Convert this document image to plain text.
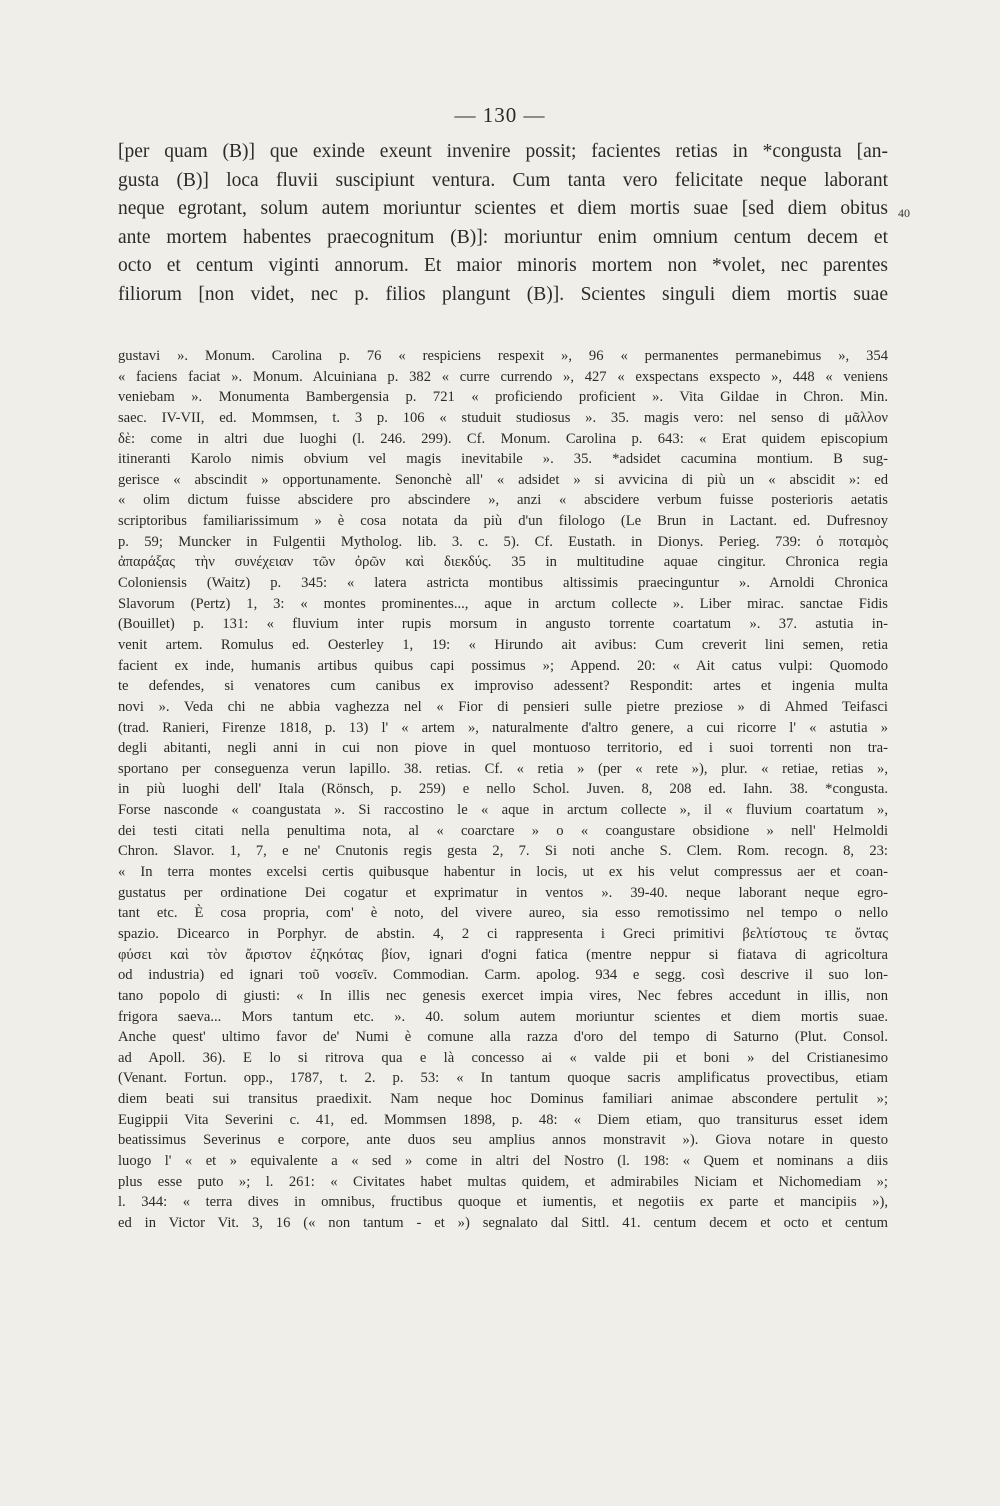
— 130 —
[per quam (B)] que exinde exeunt invenire possit; facientes retias in *congusta [an-
gusta (B)] loca fluvii suscipiunt ventura. Cum tanta vero felicitate neque laborant
neque egrotant, solum autem moriuntur scientes et diem mortis suae [sed diem obitus
ante mortem habentes praecognitum (B)]: moriuntur enim omnium centum decem et
octo et centum viginti annorum. Et maior minoris mortem non *volet, nec parentes
filiorum [non videt, nec p. filios plangunt (B)]. Scientes singuli diem mortis suae
40
gustavi ». Monum. Carolina p. 76 « respiciens respexit », 96 « permanentes permanebimus », 354
« faciens faciat ». Monum. Alcuiniana p. 382 « curre currendo », 427 « exspectans exspecto », 448 « veniens
veniebam ». Monumenta Bambergensia p. 721 « proficiendo proficient ». Vita Gildae in Chron. Min.
saec. IV-VII, ed. Mommsen, t. 3 p. 106 « studuit studiosus ». 35. magis vero: nel senso di μᾶλλον
δὲ: come in altri due luoghi (l. 246. 299). Cf. Monum. Carolina p. 643: « Erat quidem episcopium
itineranti Karolo nimis obvium vel magis inevitabile ». 35. *adsidet cacumina montium. B sug-
gerisce « abscindit » opportunamente. Senonchè all' « adsidet » si avvicina di più un « abscidit »: ed
« olim dictum fuisse abscidere pro abscindere », anzi « abscidere verbum fuisse posterioris aetatis
scriptoribus familiarissimum » è cosa notata da più d'un filologo (Le Brun in Lactant. ed. Dufresnoy
p. 59; Muncker in Fulgentii Mytholog. lib. 3. c. 5). Cf. Eustath. in Dionys. Perieg. 739: ὁ ποταμὸς
ἀπαράξας τὴν συνέχειαν τῶν ὀρῶν καὶ διεκδύς. 35 in multitudine aquae cingitur. Chronica regia
Coloniensis (Waitz) p. 345: « latera astricta montibus altissimis praecinguntur ». Arnoldi Chronica
Slavorum (Pertz) 1, 3: « montes prominentes..., aque in arctum collecte ». Liber mirac. sanctae Fidis
(Bouillet) p. 131: « fluvium inter rupis morsum in angusto torrente coartatum ». 37. astutia in-
venit artem. Romulus ed. Oesterley 1, 19: « Hirundo ait avibus: Cum creverit lini semen, retia
facient ex inde, humanis artibus quibus capi possimus »; Append. 20: « Ait catus vulpi: Quomodo
te defendes, si venatores cum canibus ex improviso adessent? Respondit: artes et ingenia multa
novi ». Veda chi ne abbia vaghezza nel « Fior di pensieri sulle pietre preziose » di Ahmed Teifasci
(trad. Ranieri, Firenze 1818, p. 13) l' « artem », naturalmente d'altro genere, a cui ricorre l' « astutia »
degli abitanti, negli anni in cui non piove in quel montuoso territorio, ed i suoi torrenti non tra-
sportano per conseguenza verun lapillo. 38. retias. Cf. « retia » (per « rete »), plur. « retiae, retias »,
in più luoghi dell' Itala (Rönsch, p. 259) e nello Schol. Juven. 8, 208 ed. Iahn. 38. *congusta.
Forse nasconde « coangustata ». Si raccostino le « aque in arctum collecte », il « fluvium coartatum »,
dei testi citati nella penultima nota, al « coarctare » o « coangustare obsidione » nell' Helmoldi
Chron. Slavor. 1, 7, e ne' Cnutonis regis gesta 2, 7. Si noti anche S. Clem. Rom. recogn. 8, 23:
« In terra montes excelsi certis quibusque habentur in locis, ut ex his velut compressus aer et coan-
gustatus per ordinatione Dei cogatur et exprimatur in ventos ». 39-40. neque laborant neque egro-
tant etc. È cosa propria, com' è noto, del vivere aureo, sia esso remotissimo nel tempo o nello
spazio. Dicearco in Porphyr. de abstin. 4, 2 ci rappresenta i Greci primitivi βελτίστους τε ὄντας
φύσει καὶ τὸν ἄριστον ἐζηκότας βίον, ignari d'ogni fatica (mentre neppur si fiatava di agricoltura
od industria) ed ignari τοῦ νοσεῖν. Commodian. Carm. apolog. 934 e segg. così descrive il suo lon-
tano popolo di giusti: « In illis nec genesis exercet impia vires, Nec febres accedunt in illis, non
frigora saeva... Mors tantum etc. ». 40. solum autem moriuntur scientes et diem mortis suae.
Anche quest' ultimo favor de' Numi è comune alla razza d'oro del tempo di Saturno (Plut. Consol.
ad Apoll. 36). E lo si ritrova qua e là concesso ai « valde pii et boni » del Cristianesimo
(Venant. Fortun. opp., 1787, t. 2. p. 53: « In tantum quoque sacris amplificatus provectibus, etiam
diem beati sui transitus praedixit. Nam neque hoc Dominus familiari animae abscondere pertulit »;
Eugippii Vita Severini c. 41, ed. Mommsen 1898, p. 48: « Diem etiam, quo transiturus esset idem
beatissimus Severinus e corpore, ante duos seu amplius annos monstravit »). Giova notare in questo
luogo l' « et » equivalente a « sed » come in altri del Nostro (l. 198: « Quem et nominans a diis
plus esse puto »; l. 261: « Civitates habet multas quidem, et admirabiles Niciam et Nichomediam »;
l. 344: « terra dives in omnibus, fructibus quoque et iumentis, et negotiis ex parte et mancipiis »),
ed in Victor Vit. 3, 16 (« non tantum - et ») segnalato dal Sittl. 41. centum decem et octo et centum
